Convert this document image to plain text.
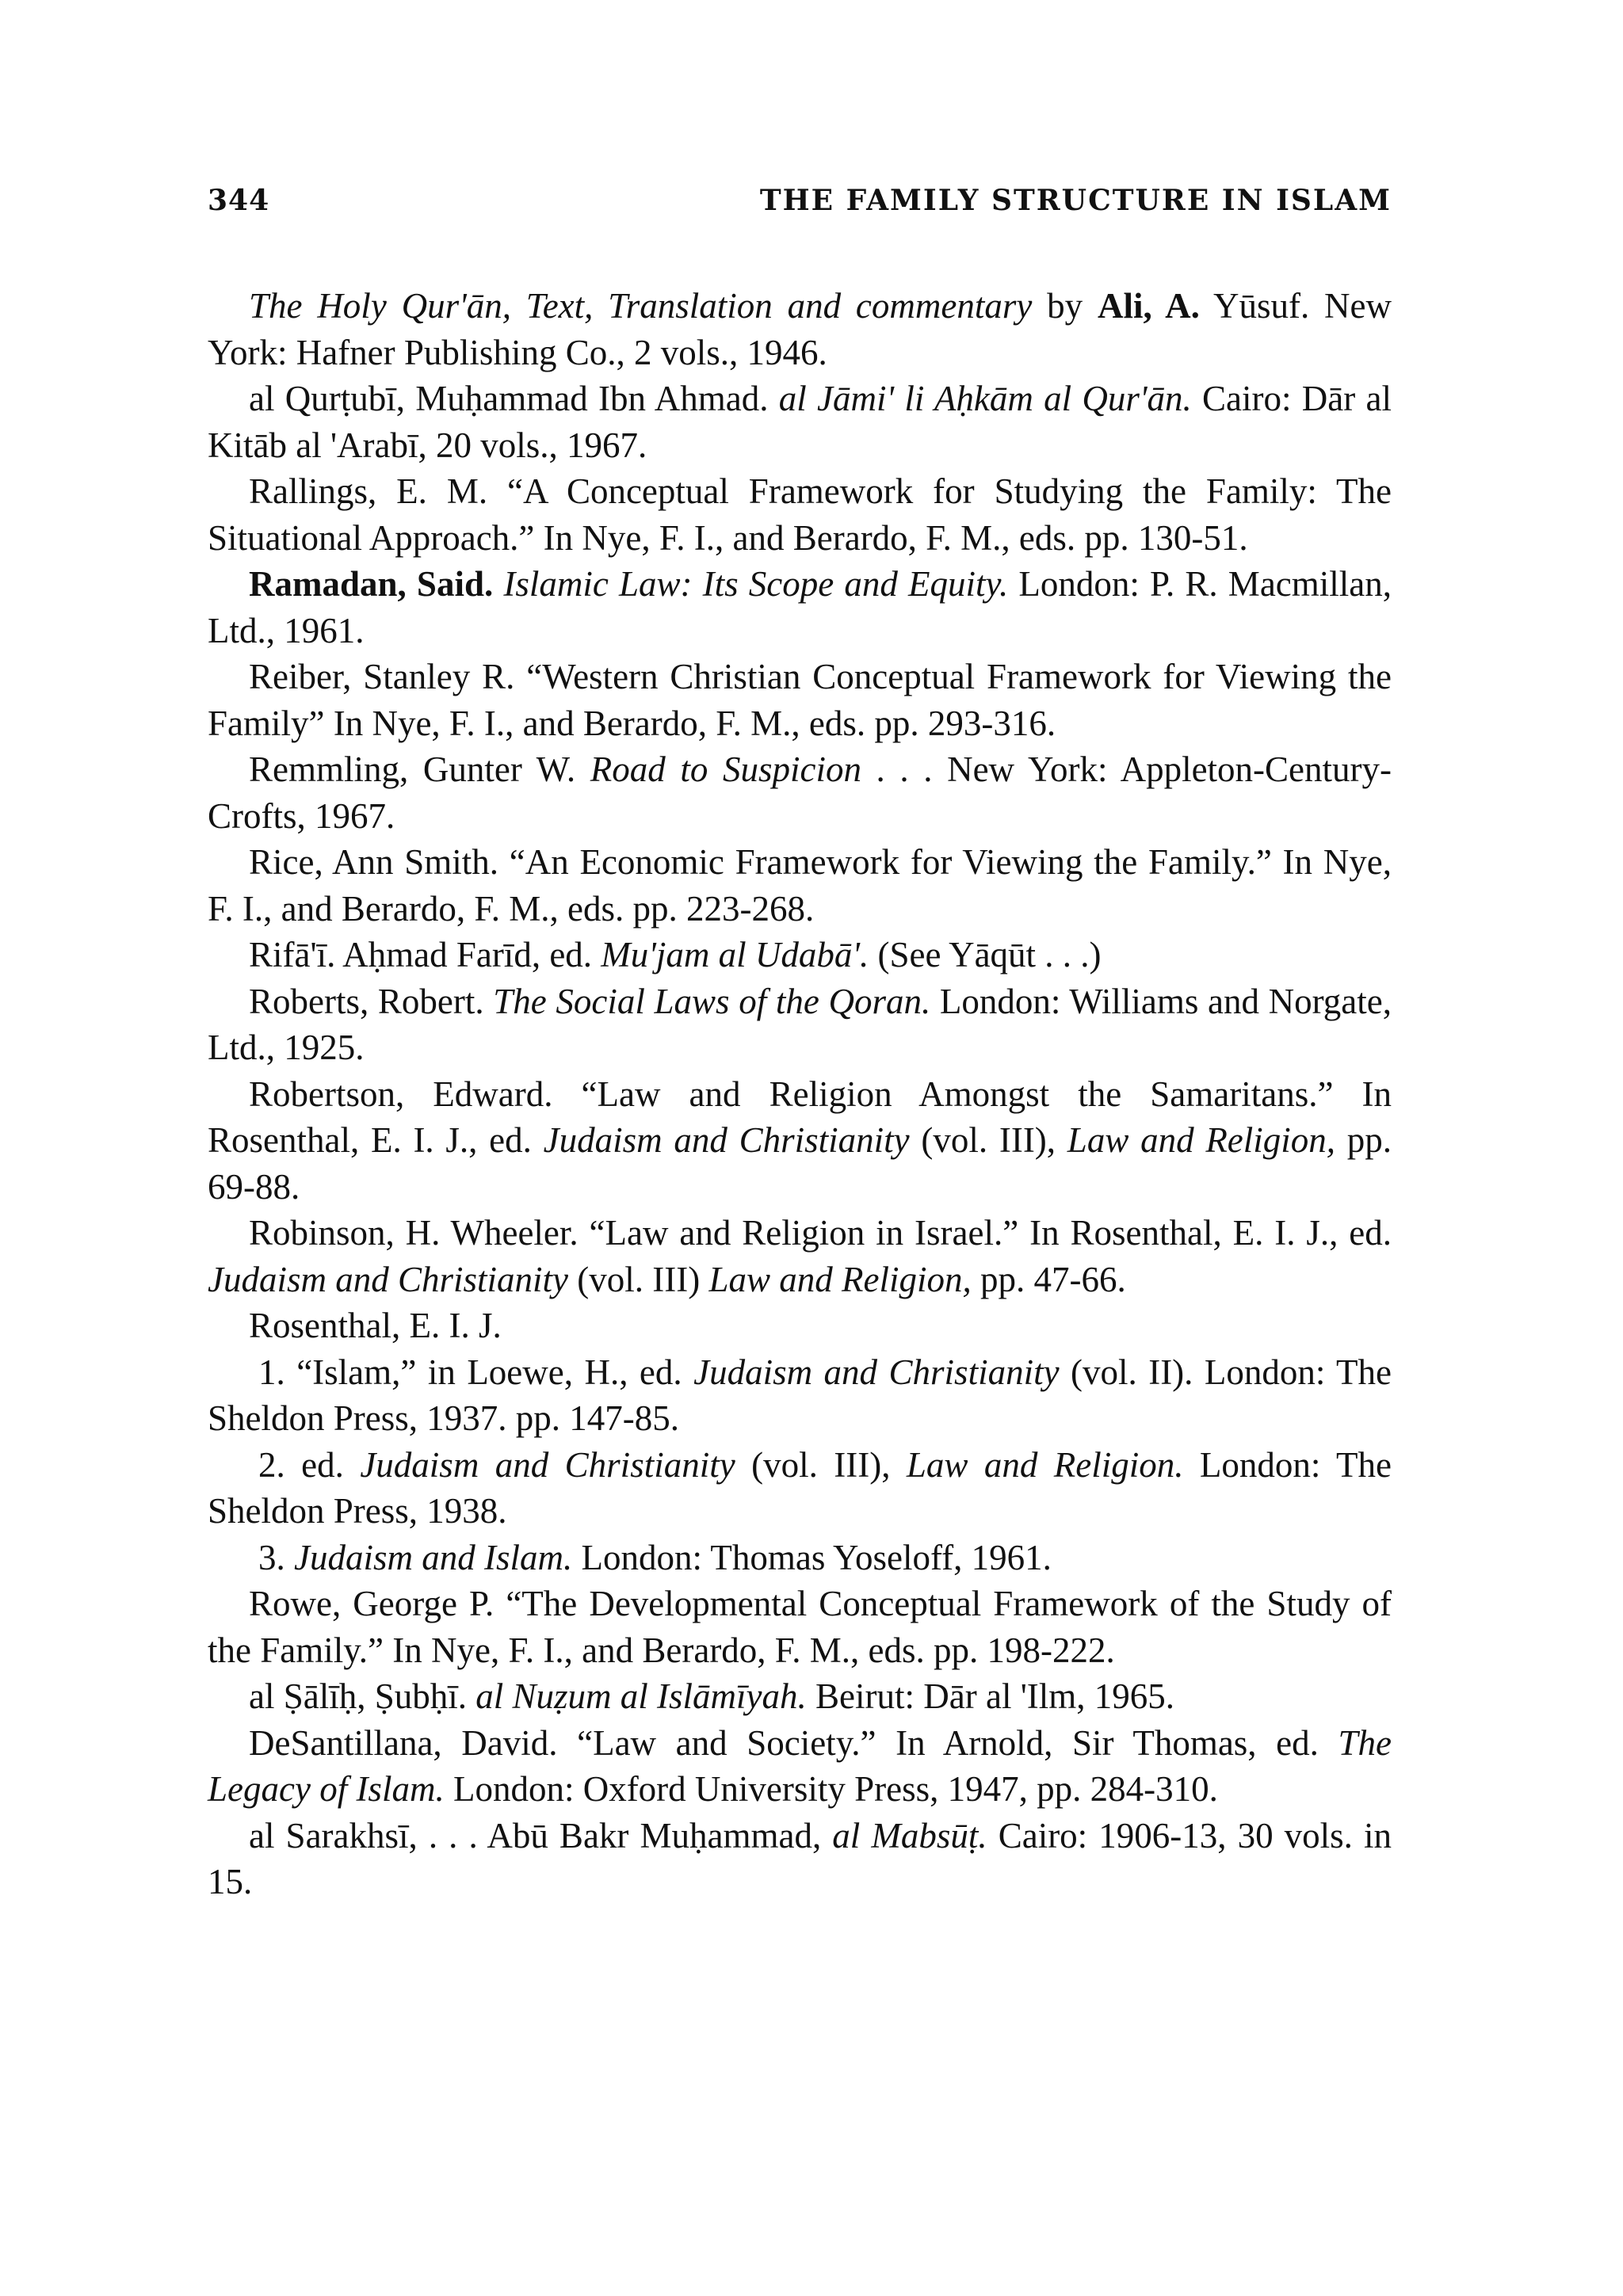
344	THE FAMILY STRUCTURE IN ISLAM

The Holy Qur'ān, Text, Translation and commentary by Ali, A. Yūsuf. New York: Hafner Publishing Co., 2 vols., 1946.

al Qurṭubī, Muḥammad Ibn Ahmad. al Jāmi' li Aḥkām al Qur'ān. Cairo: Dār al Kitāb al 'Arabī, 20 vols., 1967.

Rallings, E. M. “A Conceptual Framework for Studying the Family: The Situational Approach.” In Nye, F. I., and Berardo, F. M., eds. pp. 130-51.

Ramadan, Said. Islamic Law: Its Scope and Equity. London: P. R. Macmillan, Ltd., 1961.

Reiber, Stanley R. “Western Christian Conceptual Framework for Viewing the Family” In Nye, F. I., and Berardo, F. M., eds. pp. 293-316.

Remmling, Gunter W. Road to Suspicion . . . New York: Appleton-Century-Crofts, 1967.

Rice, Ann Smith. “An Economic Framework for Viewing the Family.” In Nye, F. I., and Berardo, F. M., eds. pp. 223-268.

Rifā'ī. Aḥmad Farīd, ed. Mu'jam al Udabā'. (See Yāqūt . . .)

Roberts, Robert. The Social Laws of the Qoran. London: Williams and Norgate, Ltd., 1925.

Robertson, Edward. “Law and Religion Amongst the Samaritans.” In Rosenthal, E. I. J., ed. Judaism and Christianity (vol. III), Law and Religion, pp. 69-88.

Robinson, H. Wheeler. “Law and Religion in Israel.” In Rosenthal, E. I. J., ed. Judaism and Christianity (vol. III) Law and Religion, pp. 47-66.

Rosenthal, E. I. J.

1. “Islam,” in Loewe, H., ed. Judaism and Christianity (vol. II). London: The Sheldon Press, 1937. pp. 147-85.

2. ed. Judaism and Christianity (vol. III), Law and Religion. London: The Sheldon Press, 1938.

3. Judaism and Islam. London: Thomas Yoseloff, 1961.

Rowe, George P. “The Developmental Conceptual Framework of the Study of the Family.” In Nye, F. I., and Berardo, F. M., eds. pp. 198-222.

al Ṣālīḥ, Ṣubḥī. al Nuẓum al Islāmīyah. Beirut: Dār al 'Ilm, 1965.

DeSantillana, David. “Law and Society.” In Arnold, Sir Thomas, ed. The Legacy of Islam. London: Oxford University Press, 1947, pp. 284-310.

al Sarakhsī, . . . Abū Bakr Muḥammad, al Mabsūṭ. Cairo: 1906-13, 30 vols. in 15.
